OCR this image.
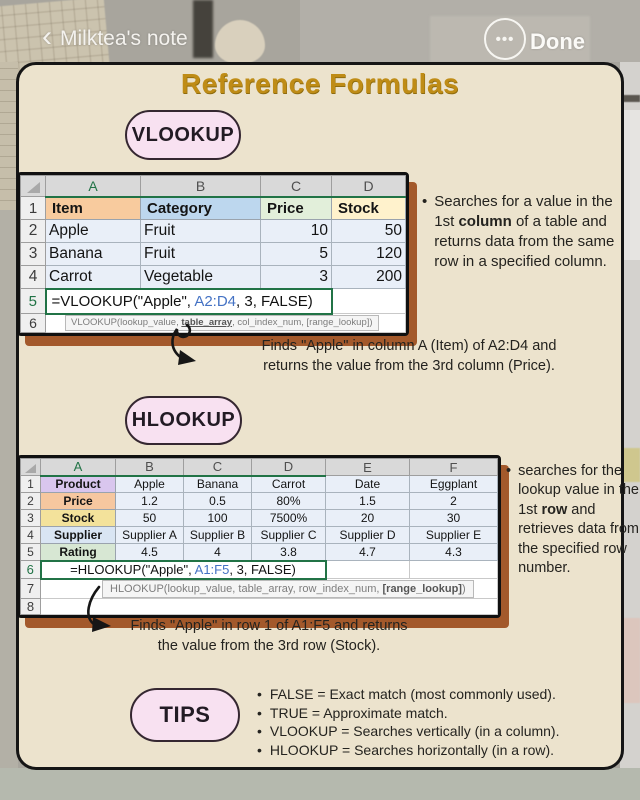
‹ Milktea's note	••• Done
Reference Formulas
VLOOKUP
	A	B	C	D
1	Item	Category	Price	Stock
2	Apple	Fruit	10	50
3	Banana	Fruit	5	120
4	Carrot	Vegetable	3	200
5	=VLOOKUP("Apple", A2:D4, 3, FALSE)			
6	VLOOKUP(lookup_value, table_array, col_index_num, [range_lookup])			
• Searches for a value in the 1st column of a table and returns data from the same row in a specified column.
Finds "Apple" in column A (Item) of A2:D4 and
returns the value from the 3rd column (Price).
HLOOKUP
	A	B	C	D	E	F
1	Product	Apple	Banana	Carrot	Date	Eggplant
2	Price	1.2	0.5	80%	1.5	2
3	Stock	50	100	7500%	20	30
4	Supplier	Supplier A	Supplier B	Supplier C	Supplier D	Supplier E
5	Rating	4.5	4	3.8	4.7	4.3
6	=HLOOKUP("Apple", A1:F5, 3, FALSE)					
7	HLOOKUP(lookup_value, table_array, row_index_num, [range_lookup])					
8						
• searches for the lookup value in the 1st row and retrieves data from the specified row number.
Finds "Apple" in row 1 of A1:F5 and returns
the value from the 3rd row (Stock).
TIPS
• FALSE = Exact match (most commonly used).
• TRUE = Approximate match.
• VLOOKUP = Searches vertically (in a column).
• HLOOKUP = Searches horizontally (in a row).
